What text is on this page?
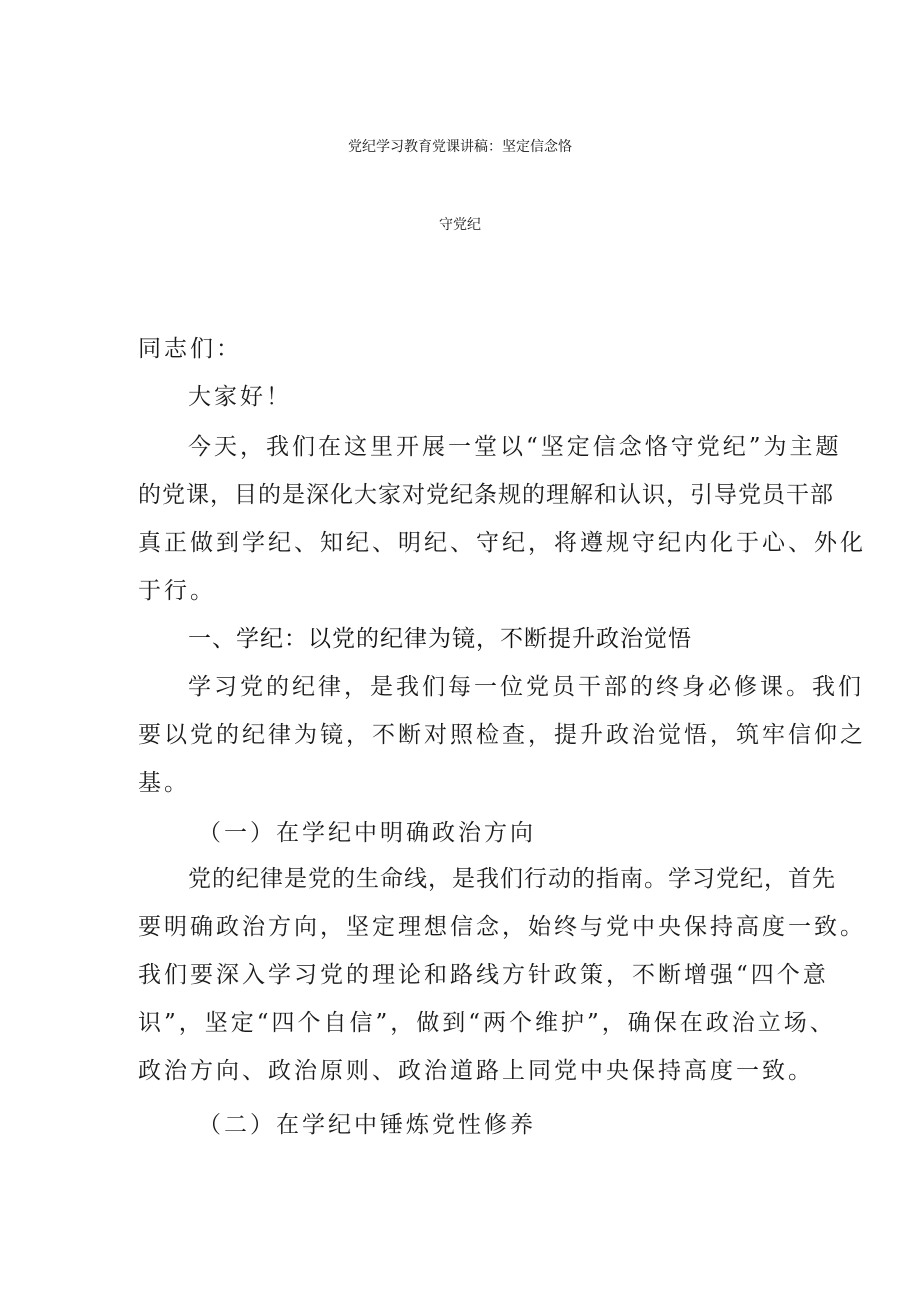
党纪学习教育党课讲稿：坚定信念恪
守党纪
同志们：
大家好！
今天，我们在这里开展一堂以“坚定信念恪守党纪”为主题
的党课，目的是深化大家对党纪条规的理解和认识，引导党员干部
真正做到学纪、知纪、明纪、守纪，将遵规守纪内化于心、外化
于行。
一、学纪：以党的纪律为镜，不断提升政治觉悟
学习党的纪律，是我们每一位党员干部的终身必修课。我们
要以党的纪律为镜，不断对照检查，提升政治觉悟，筑牢信仰之
基。
（一）在学纪中明确政治方向
党的纪律是党的生命线，是我们行动的指南。学习党纪，首先
要明确政治方向，坚定理想信念，始终与党中央保持高度一致。
我们要深入学习党的理论和路线方针政策，不断增强“四个意
识”，坚定“四个自信”，做到“两个维护”，确保在政治立场、
政治方向、政治原则、政治道路上同党中央保持高度一致。
（二）在学纪中锤炼党性修养
